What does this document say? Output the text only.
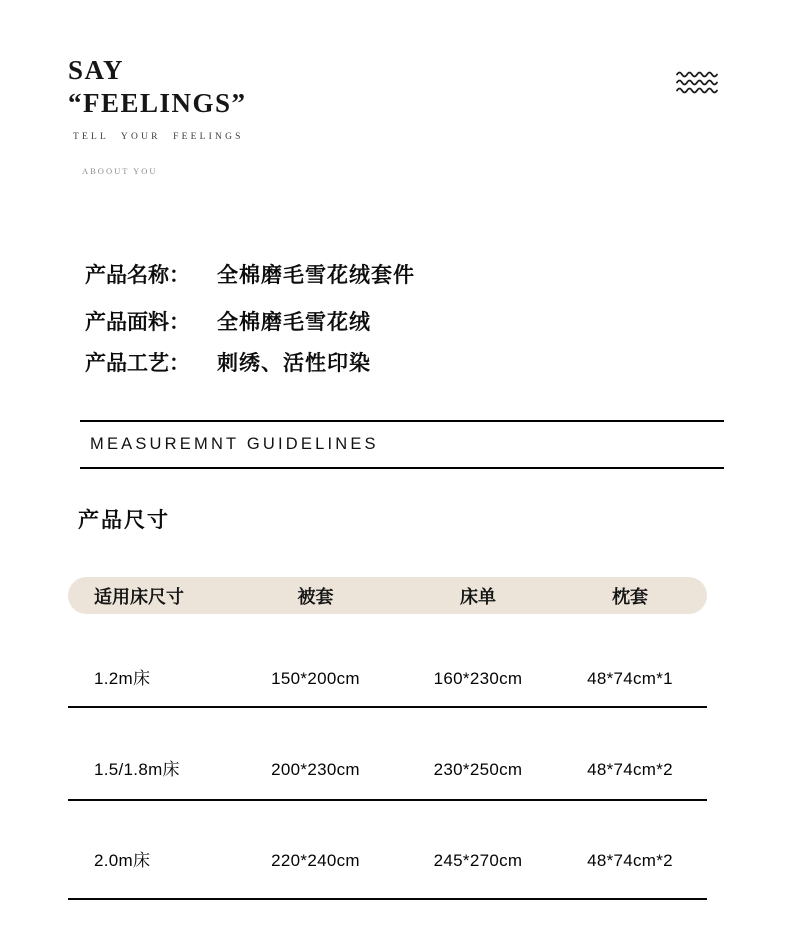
SAY
“FEELINGS”
TELL YOUR FEELINGS
ABOOUT YOU
产品名称：	全棉磨毛雪花绒套件
产品面料：	全棉磨毛雪花绒
产品工艺：	刺绣、活性印染
MEASUREMNT GUIDELINES
产品尺寸
适用床尺寸	被套	床单	枕套
1.2m床	150*200cm	160*230cm	48*74cm*1
1.5/1.8m床	200*230cm	230*250cm	48*74cm*2
2.0m床	220*240cm	245*270cm	48*74cm*2
